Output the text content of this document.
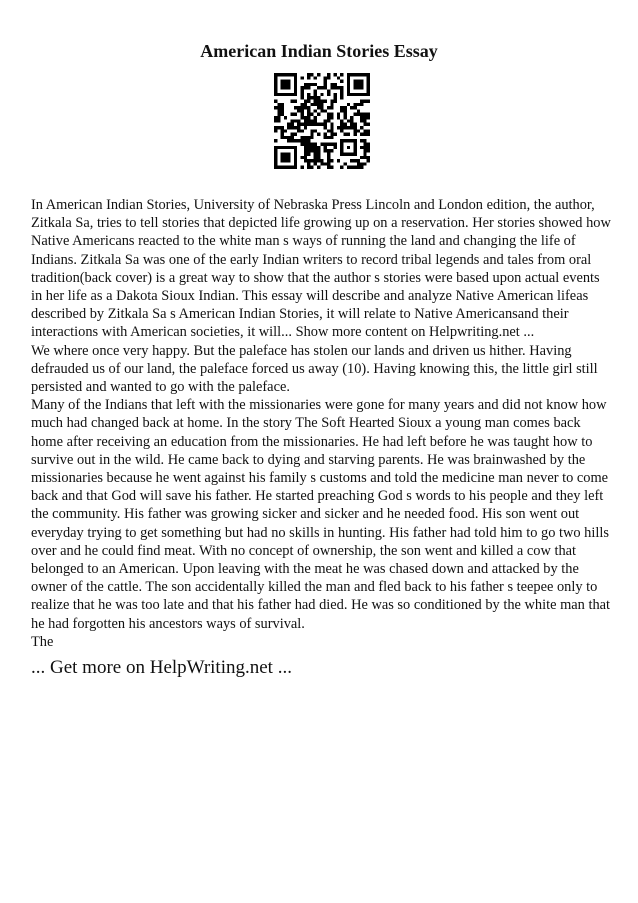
American Indian Stories Essay

In American Indian Stories, University of Nebraska Press Lincoln and London edition, the author, Zitkala Sa, tries to tell stories that depicted life growing up on a reservation. Her stories showed how Native Americans reacted to the white man s ways of running the land and changing the life of Indians. Zitkala Sa was one of the early Indian writers to record tribal legends and tales from oral tradition(back cover) is a great way to show that the author s stories were based upon actual events in her life as a Dakota Sioux Indian. This essay will describe and analyze Native American lifeas described by Zitkala Sa s American Indian Stories, it will relate to Native Americansand their interactions with American societies, it will... Show more content on Helpwriting.net ...

We where once very happy. But the paleface has stolen our lands and driven us hither. Having defrauded us of our land, the paleface forced us away (10). Having knowing this, the little girl still persisted and wanted to go with the paleface.

Many of the Indians that left with the missionaries were gone for many years and did not know how much had changed back at home. In the story The Soft Hearted Sioux a young man comes back home after receiving an education from the missionaries. He had left before he was taught how to survive out in the wild. He came back to dying and starving parents. He was brainwashed by the missionaries because he went against his family s customs and told the medicine man never to come back and that God will save his father. He started preaching God s words to his people and they left the community. His father was growing sicker and sicker and he needed food. His son went out everyday trying to get something but had no skills in hunting. His father had told him to go two hills over and he could find meat. With no concept of ownership, the son went and killed a cow that belonged to an American. Upon leaving with the meat he was chased down and attacked by the owner of the cattle. The son accidentally killed the man and fled back to his father s teepee only to realize that he was too late and that his father had died. He was so conditioned by the white man that he had forgotten his ancestors ways of survival.

The

... Get more on HelpWriting.net ...
